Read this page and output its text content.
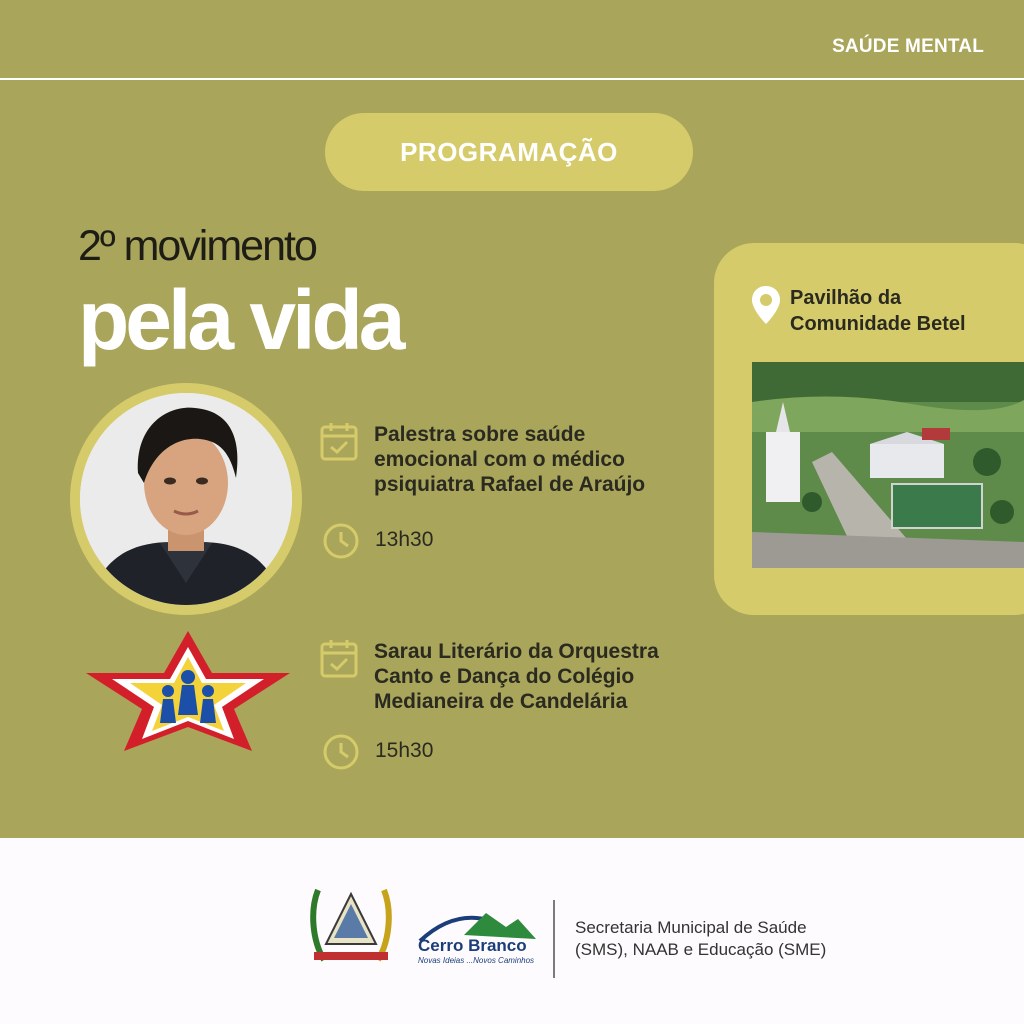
SAÚDE MENTAL
PROGRAMAÇÃO
2º movimento
pela vida
Palestra sobre saúde
emocional com o médico
psiquiatra Rafael de Araújo
13h30
Sarau Literário da Orquestra
Canto e Dança do Colégio
Medianeira de Candelária
15h30
Pavilhão da
Comunidade Betel
Cerro Branco
Novas Ideias ...Novos Caminhos
Secretaria Municipal de Saúde
(SMS), NAAB e Educação (SME)
